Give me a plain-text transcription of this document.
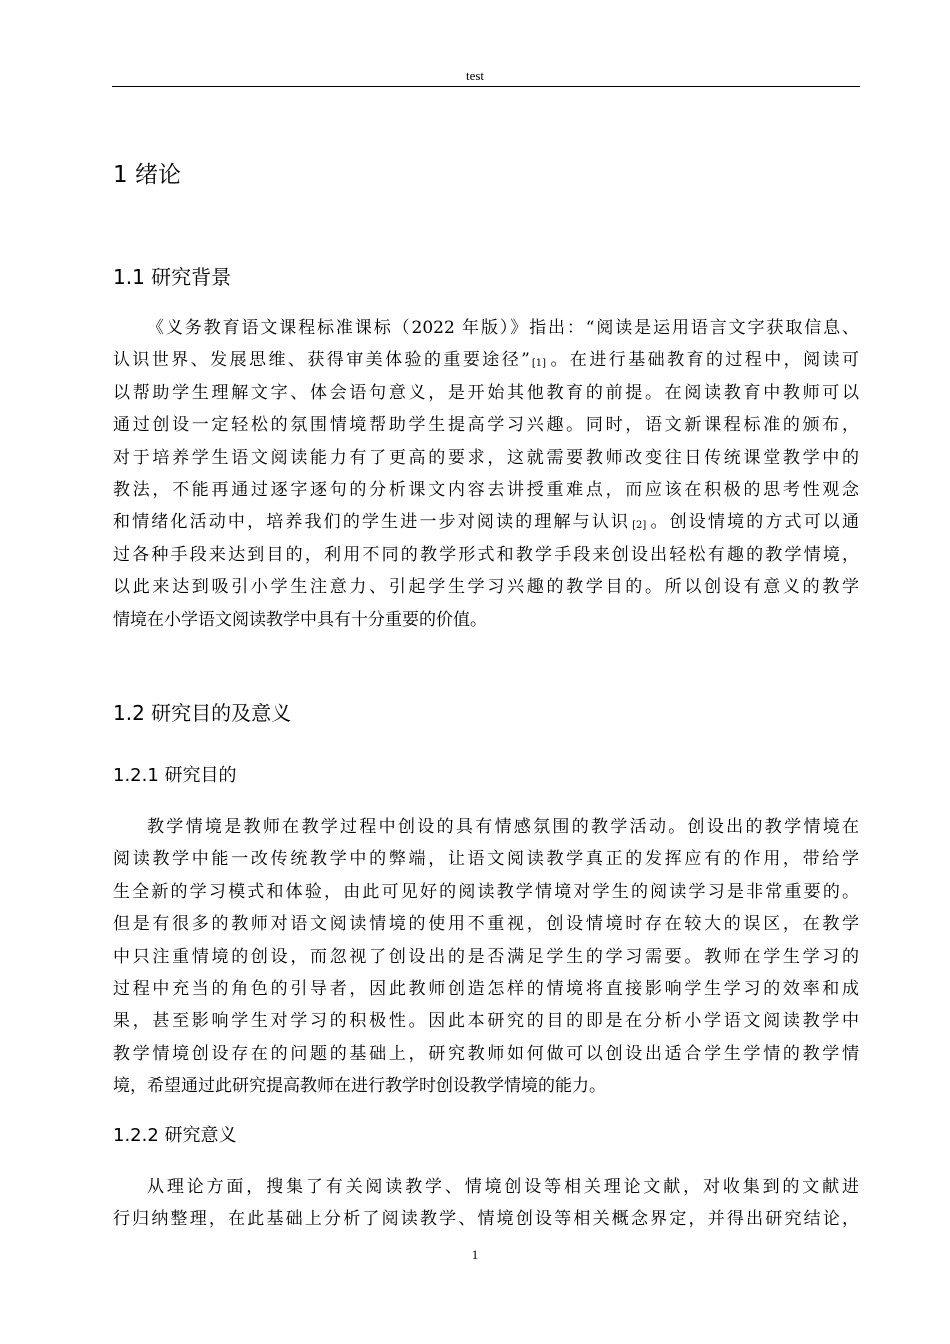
test
1 绪论
1.1 研究背景
《义务教育语文课程标准课标（2022 年版）》指出：“阅读是运用语言文字获取信息、
认识世界、发展思维、获得审美体验的重要途径” [1] 。在进行基础教育的过程中，阅读可
以帮助学生理解文字、体会语句意义，是开始其他教育的前提。在阅读教育中教师可以
通过创设一定轻松的氛围情境帮助学生提高学习兴趣。同时，语文新课程标准的颁布，
对于培养学生语文阅读能力有了更高的要求，这就需要教师改变往日传统课堂教学中的
教法，不能再通过逐字逐句的分析课文内容去讲授重难点，而应该在积极的思考性观念
和情绪化活动中，培养我们的学生进一步对阅读的理解与认识 [2] 。创设情境的方式可以通
过各种手段来达到目的，利用不同的教学形式和教学手段来创设出轻松有趣的教学情境，
以此来达到吸引小学生注意力、引起学生学习兴趣的教学目的。所以创设有意义的教学
情境在小学语文阅读教学中具有十分重要的价值。
1.2 研究目的及意义
1.2.1 研究目的
教学情境是教师在教学过程中创设的具有情感氛围的教学活动。创设出的教学情境在
阅读教学中能一改传统教学中的弊端，让语文阅读教学真正的发挥应有的作用，带给学
生全新的学习模式和体验，由此可见好的阅读教学情境对学生的阅读学习是非常重要的。
但是有很多的教师对语文阅读情境的使用不重视，创设情境时存在较大的误区，在教学
中只注重情境的创设，而忽视了创设出的是否满足学生的学习需要。教师在学生学习的
过程中充当的角色的引导者，因此教师创造怎样的情境将直接影响学生学习的效率和成
果，甚至影响学生对学习的积极性。因此本研究的目的即是在分析小学语文阅读教学中
教学情境创设存在的问题的基础上，研究教师如何做可以创设出适合学生学情的教学情
境，希望通过此研究提高教师在进行教学时创设教学情境的能力。
1.2.2 研究意义
从理论方面，搜集了有关阅读教学、情境创设等相关理论文献，对收集到的文献进
行归纳整理，在此基础上分析了阅读教学、情境创设等相关概念界定，并得出研究结论，
1
